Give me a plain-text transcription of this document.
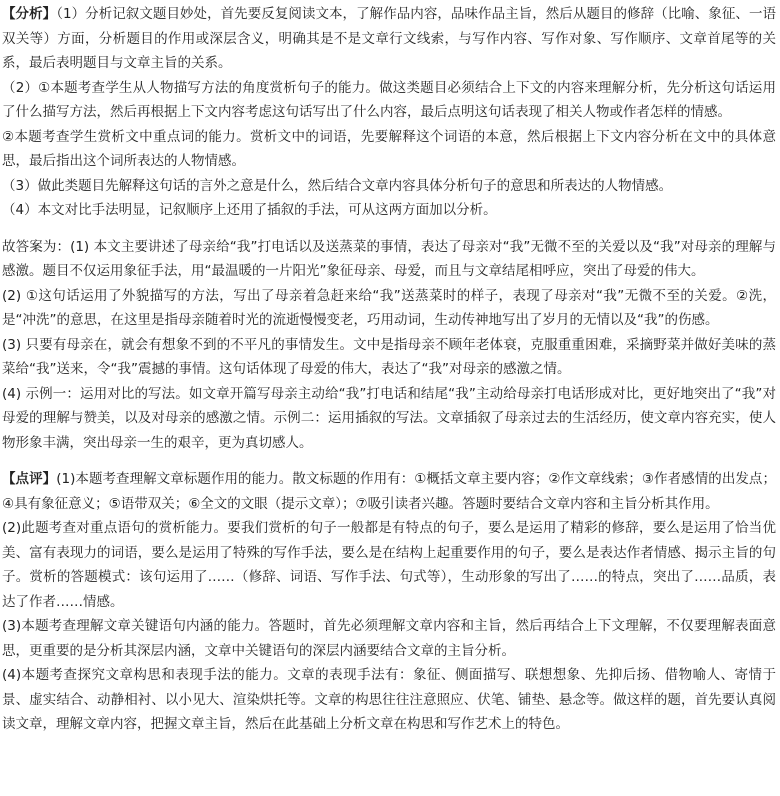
【分析】（1）分析记叙文题目妙处，首先要反复阅读文本，了解作品内容，品味作品主旨，然后从题目的修辞（比喻、象征、一语双关等）方面，分析题目的作用或深层含义，明确其是不是文章行文线索，与写作内容、写作对象、写作顺序、文章首尾等的关系，最后表明题目与文章主旨的关系。

（2）①本题考查学生从人物描写方法的角度赏析句子的能力。做这类题目必须结合上下文的内容来理解分析，先分析这句话运用了什么描写方法，然后再根据上下文内容考虑这句话写出了什么内容，最后点明这句话表现了相关人物或作者怎样的情感。

②本题考查学生赏析文中重点词的能力。赏析文中的词语，先要解释这个词语的本意，然后根据上下文内容分析在文中的具体意思，最后指出这个词所表达的人物情感。

（3）做此类题目先解释这句话的言外之意是什么，然后结合文章内容具体分析句子的意思和所表达的人物情感。

（4）本文对比手法明显，记叙顺序上还用了插叙的手法，可从这两方面加以分析。

故答案为：(1) 本文主要讲述了母亲给“我”打电话以及送蒸菜的事情，表达了母亲对“我”无微不至的关爱以及“我”对母亲的理解与感激。题目不仅运用象征手法，用“最温暖的一片阳光”象征母亲、母爱，而且与文章结尾相呼应，突出了母爱的伟大。

(2) ①这句话运用了外貌描写的方法，写出了母亲着急赶来给“我”送蒸菜时的样子，表现了母亲对“我”无微不至的关爱。②洗，是“冲洗”的意思，在这里是指母亲随着时光的流逝慢慢变老，巧用动词，生动传神地写出了岁月的无情以及“我”的伤感。

(3) 只要有母亲在，就会有想象不到的不平凡的事情发生。文中是指母亲不顾年老体衰，克服重重困难，采摘野菜并做好美味的蒸菜给“我”送来，令“我”震撼的事情。这句话体现了母爱的伟大，表达了“我”对母亲的感激之情。

(4) 示例一：运用对比的写法。如文章开篇写母亲主动给“我”打电话和结尾“我”主动给母亲打电话形成对比，更好地突出了“我”对母爱的理解与赞美，以及对母亲的感激之情。示例二：运用插叙的写法。文章插叙了母亲过去的生活经历，使文章内容充实，使人物形象丰满，突出母亲一生的艰辛，更为真切感人。

【点评】(1)本题考查理解文章标题作用的能力。散文标题的作用有：①概括文章主要内容；②作文章线索；③作者感情的出发点；④具有象征意义；⑤语带双关；⑥全文的文眼（提示文章）；⑦吸引读者兴趣。答题时要结合文章内容和主旨分析其作用。

(2)此题考查对重点语句的赏析能力。要我们赏析的句子一般都是有特点的句子，要么是运用了精彩的修辞，要么是运用了恰当优美、富有表现力的词语，要么是运用了特殊的写作手法，要么是在结构上起重要作用的句子，要么是表达作者情感、揭示主旨的句子。赏析的答题模式：该句运用了……（修辞、词语、写作手法、句式等），生动形象的写出了……的特点，突出了……品质，表达了作者……情感。

(3)本题考查理解文章关键语句内涵的能力。答题时，首先必须理解文章内容和主旨，然后再结合上下文理解，不仅要理解表面意思，更重要的是分析其深层内涵，文章中关键语句的深层内涵要结合文章的主旨分析。

(4)本题考查探究文章构思和表现手法的能力。文章的表现手法有：象征、侧面描写、联想想象、先抑后扬、借物喻人、寄情于景、虚实结合、动静相衬、以小见大、渲染烘托等。文章的构思往往注意照应、伏笔、铺垫、悬念等。做这样的题，首先要认真阅读文章，理解文章内容，把握文章主旨，然后在此基础上分析文章在构思和写作艺术上的特色。
